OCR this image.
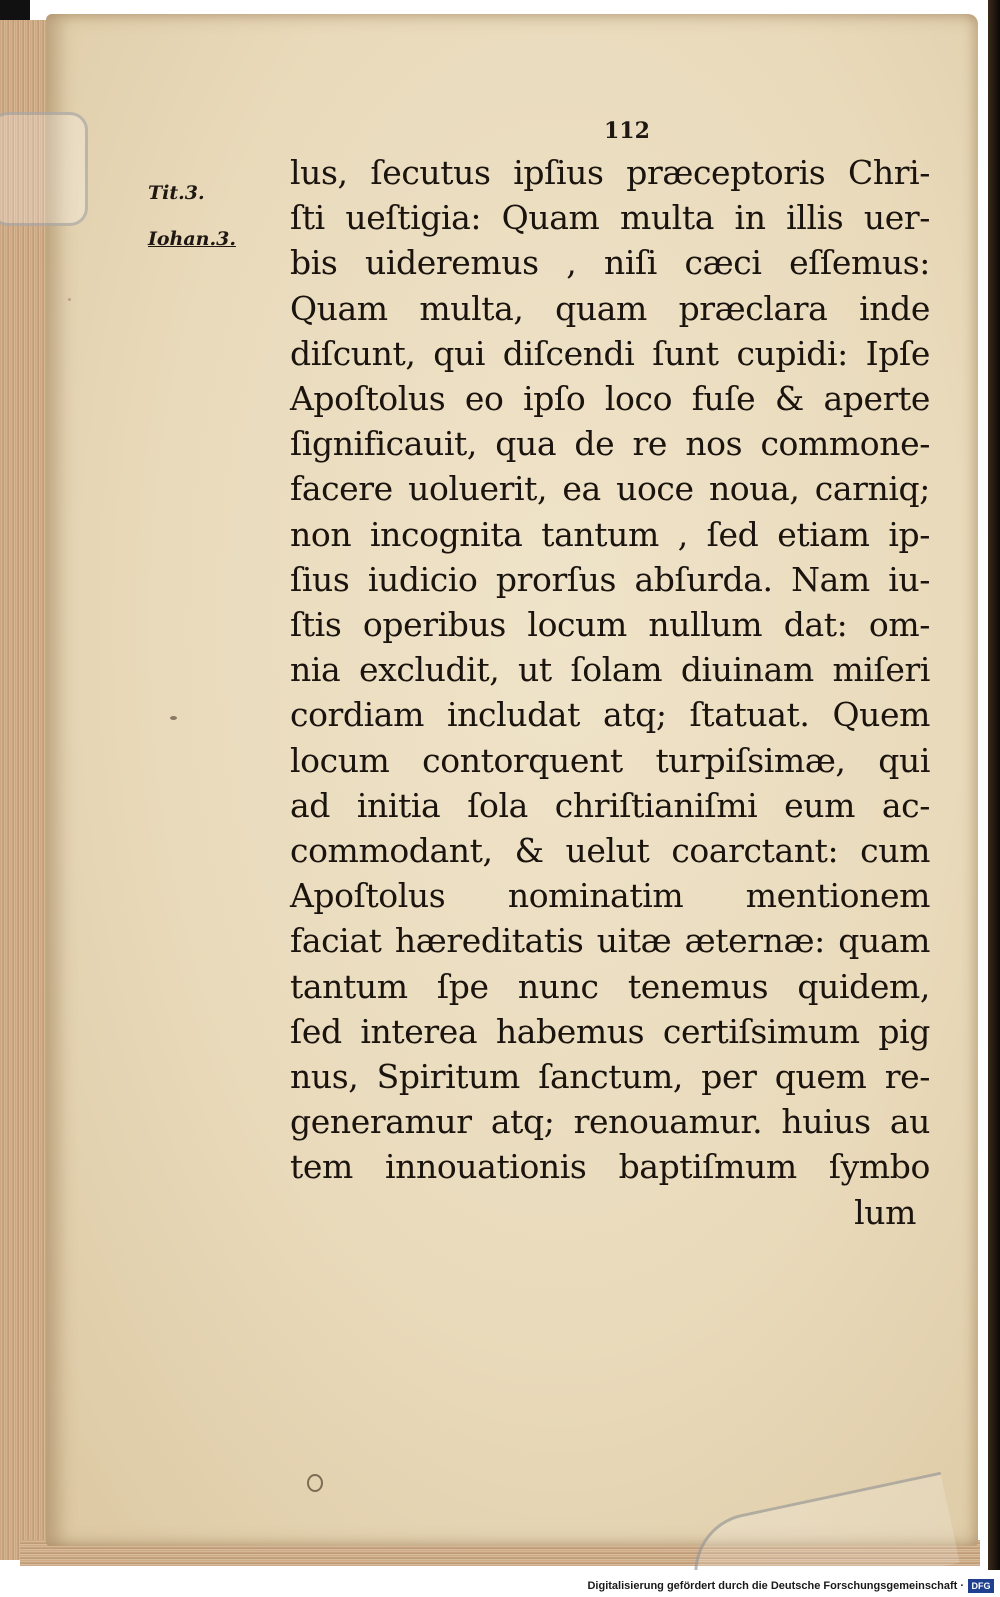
112
Tit.3.
Iohan.3.
lus, ſecutus ipſius præceptoris Chri-
ſti ueſtigia: Quam multa in illis uer-
bis uideremus , niſi cæci eſſemus:
Quam multa, quam præclara inde
diſcunt, qui diſcendi ſunt cupidi: Ipſe
Apoſtolus eo ipſo loco fuſe & aperte
ſignificauit, qua de re nos commone-
facere uoluerit, ea uoce noua, carniq;
non incognita tantum , ſed etiam ip-
ſius iudicio prorſus abſurda. Nam iu-
ſtis operibus locum nullum dat: om-
nia excludit, ut ſolam diuinam miſeri
cordiam includat atq; ſtatuat. Quem
locum contorquent turpiſsimæ, qui
ad initia ſola chriſtianiſmi eum ac-
commodant, & uelut coarctant: cum
Apoſtolus nominatim mentionem
faciat hæreditatis uitæ æternæ: quam
tantum ſpe nunc tenemus quidem,
ſed interea habemus certiſsimum pig
nus, Spiritum ſanctum, per quem re-
generamur atq; renouamur. huius au
tem innouationis baptiſmum ſymbo
lum
Digitalisierung gefördert durch die Deutsche Forschungsgemeinschaft · DFG
